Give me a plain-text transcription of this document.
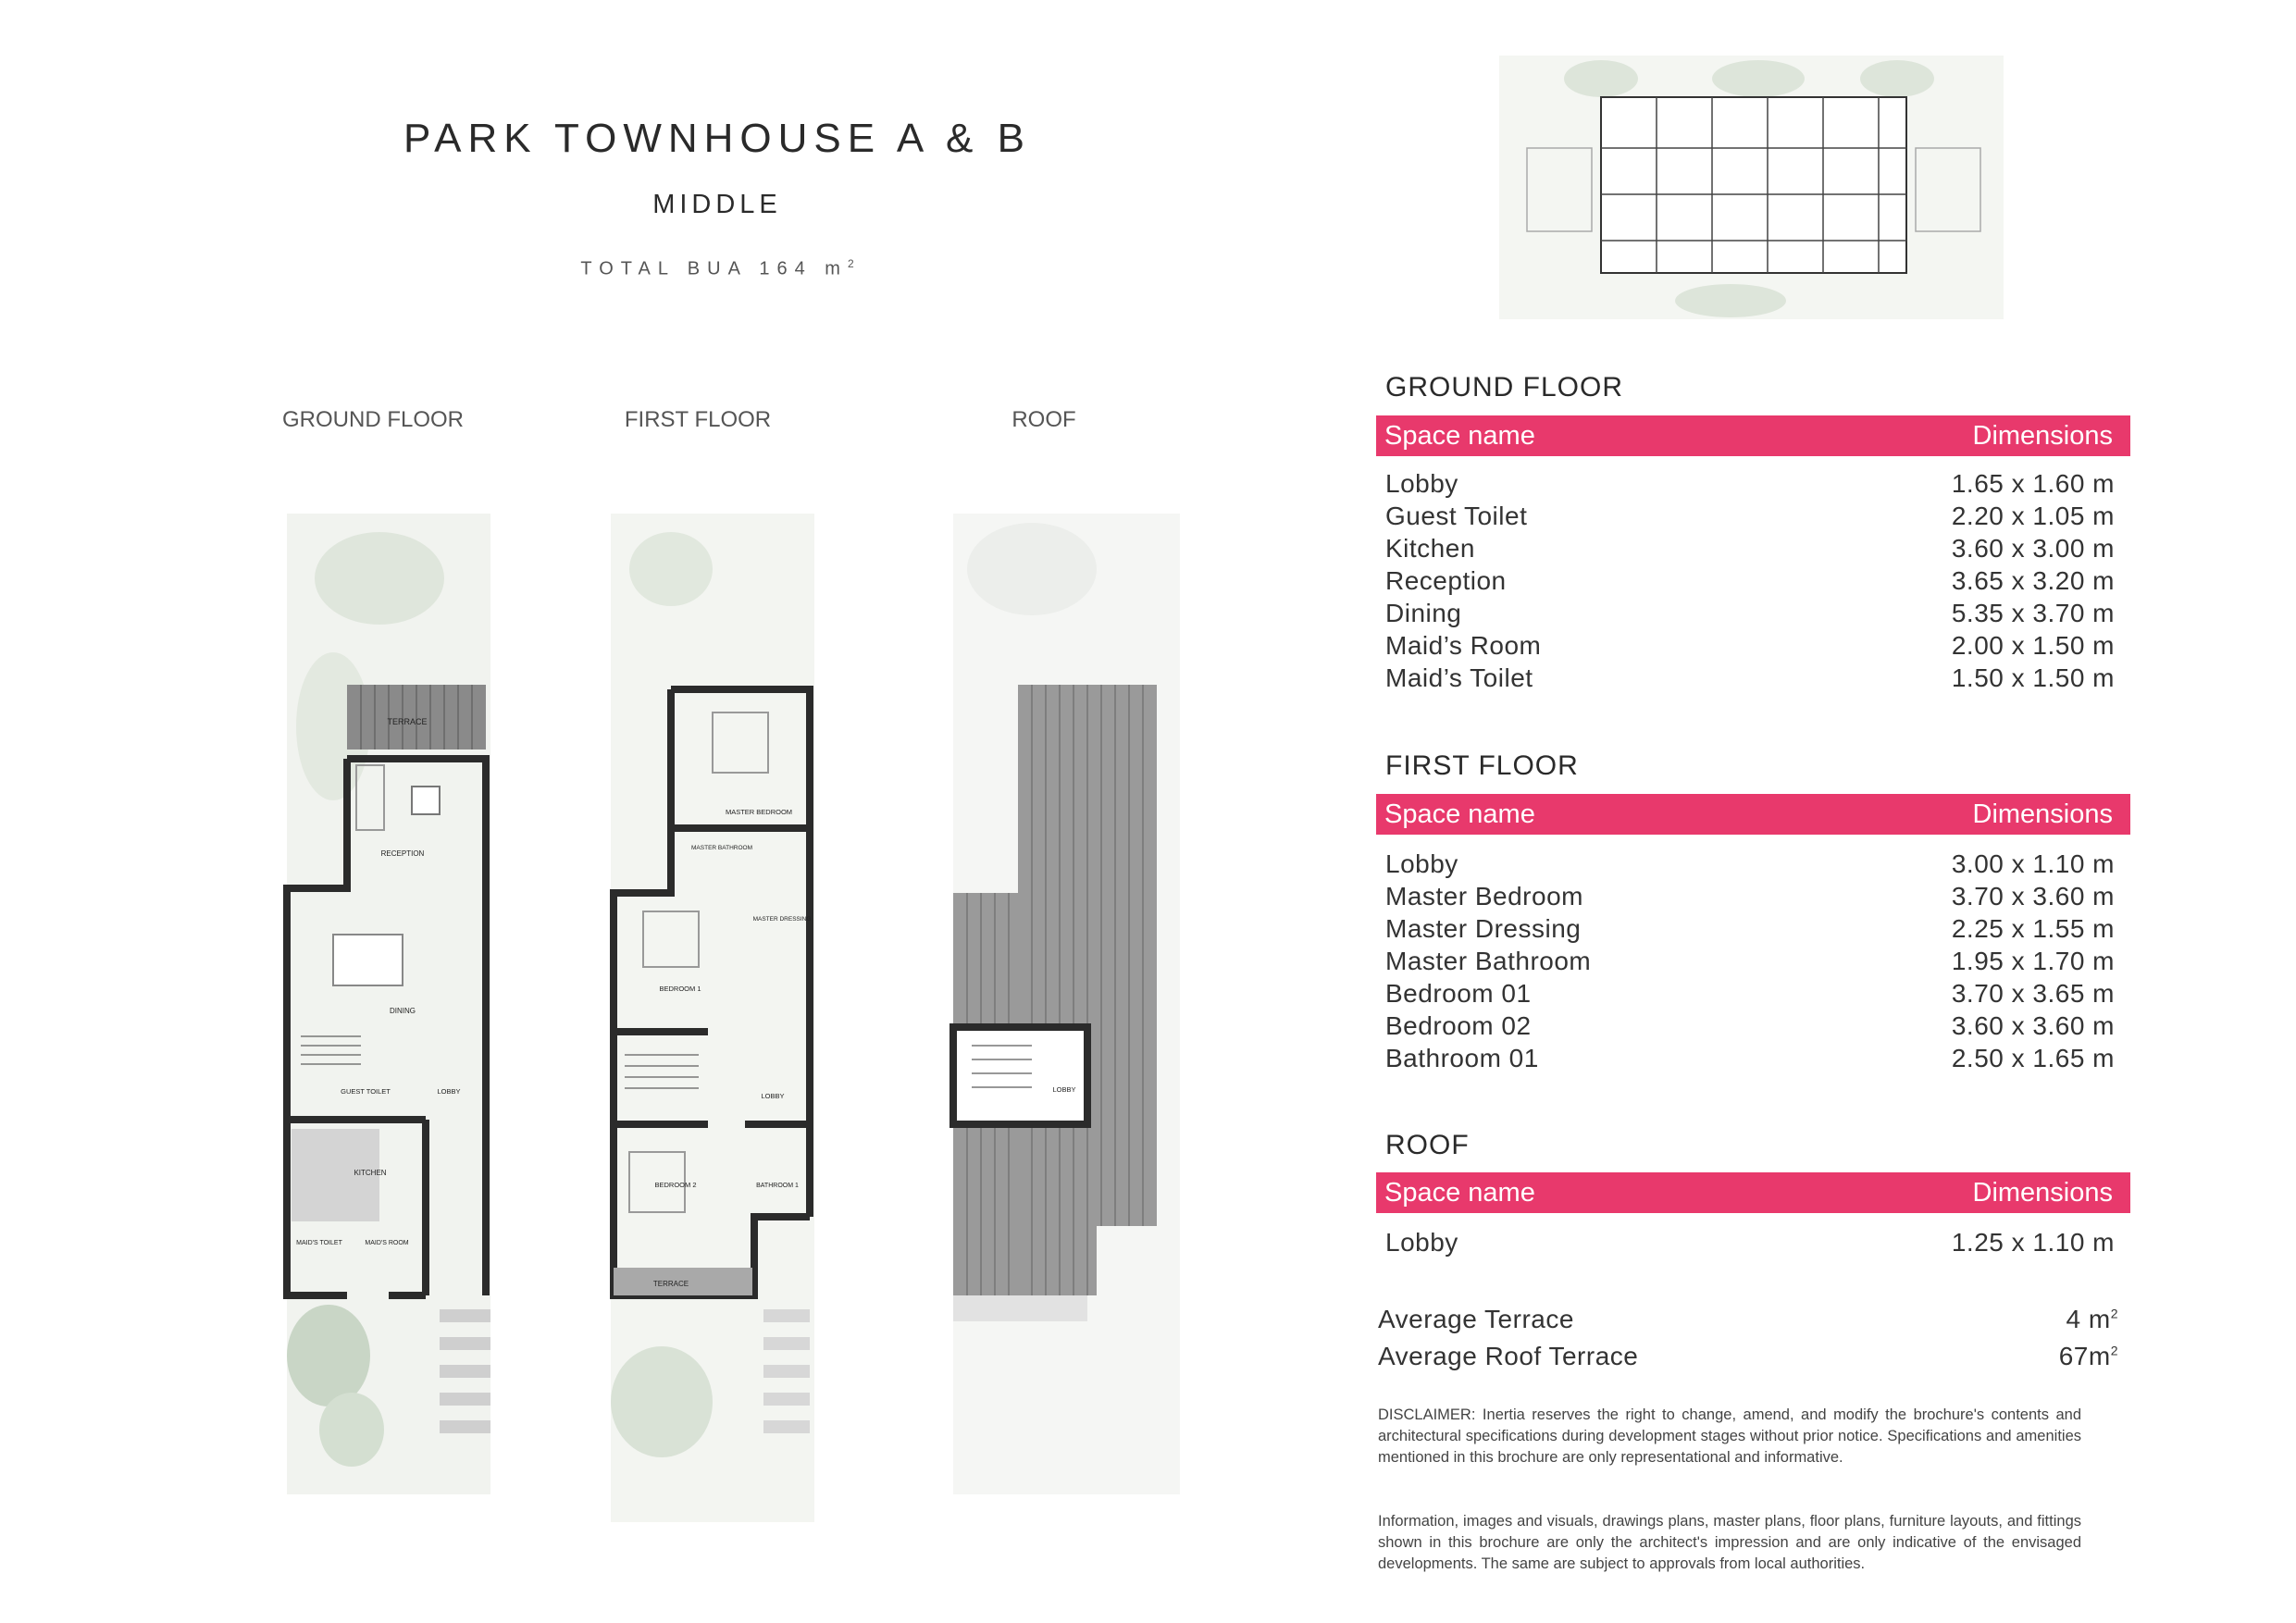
PARK TOWNHOUSE A & B
MIDDLE
TOTAL BUA 164 $m^2$
GROUND FLOOR	FIRST FLOOR	ROOF
TERRACE
RECEPTION
DINING
GUEST TOILET	LOBBY
KITCHEN
MAID'S TOILET	MAID'S ROOM
MASTER BEDROOM
MASTER BATHROOM
MASTER DRESSING
BEDROOM 1
LOBBY
BEDROOM 2	BATHROOM 1
TERRACE
LOBBY
GROUND FLOOR
Space name	Dimensions
Lobby	1.65 x 1.60 m
Guest Toilet	2.20 x 1.05 m
Kitchen	3.60 x 3.00 m
Reception	3.65 x 3.20 m
Dining	5.35 x 3.70 m
Maid’s Room	2.00 x 1.50 m
Maid’s Toilet	1.50 x 1.50 m
FIRST FLOOR
Space name	Dimensions
Lobby	3.00 x 1.10 m
Master Bedroom	3.70 x 3.60 m
Master Dressing	2.25 x 1.55 m
Master Bathroom	1.95 x 1.70 m
Bedroom 01	3.70 x 3.65 m
Bedroom 02	3.60 x 3.60 m
Bathroom 01	2.50 x 1.65 m
ROOF
Space name	Dimensions
Lobby	1.25 x 1.10 m
Average Terrace	4 $m^2$
Average Roof Terrace	$67m^2$
DISCLAIMER: Inertia reserves the right to change, amend, and modify the brochure's contents and architectural specifications during development stages without prior notice. Specifications and amenities mentioned in this brochure are only representational and informative.
Information, images and visuals, drawings plans, master plans, floor plans, furniture layouts, and fittings shown in this brochure are only the architect's impression and are only indicative of the envisaged developments. The same are subject to approvals from local authorities.
